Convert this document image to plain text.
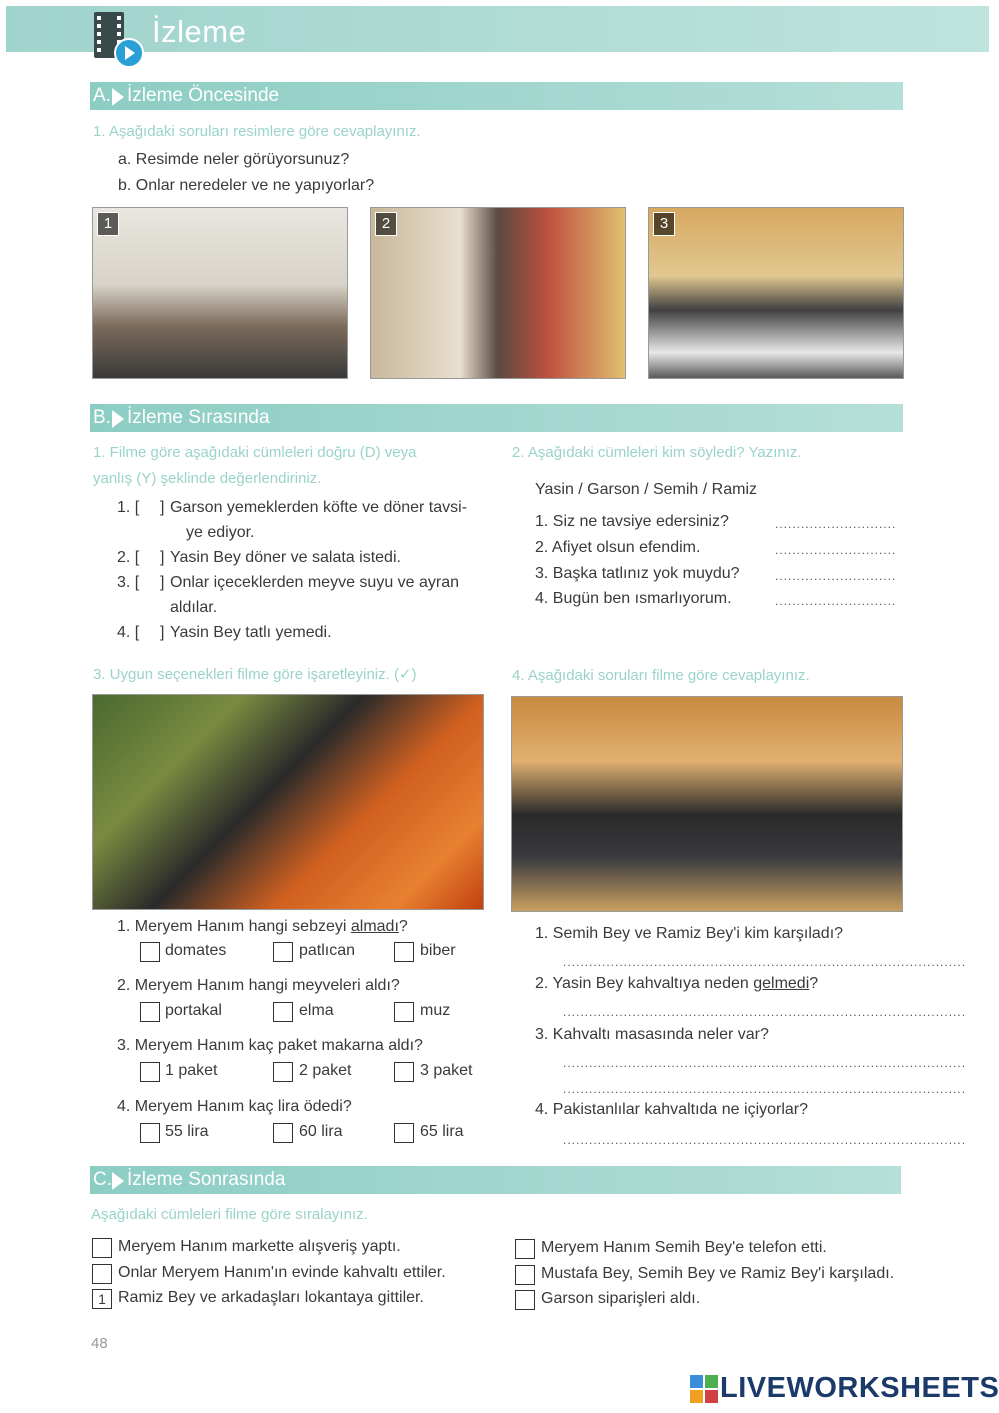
İzleme
A. İzleme Öncesinde
1. Aşağıdaki soruları resimlere göre cevaplayınız.
a. Resimde neler görüyorsunuz?
b. Onlar neredeler ve ne yapıyorlar?
1	2	3
B. İzleme Sırasında
1. Filme göre aşağıdaki cümleleri doğru (D) veya
yanlış (Y) şeklinde değerlendiriniz.
1. [ ] Garson yemeklerden köfte ve döner tavsi-
ye ediyor.
2. [ ] Yasin Bey döner ve salata istedi.
3. [ ] Onlar içeceklerden meyve suyu ve ayran
aldılar.
4. [ ] Yasin Bey tatlı yemedi.
2. Aşağıdaki cümleleri kim söyledi? Yazınız.
Yasin / Garson / Semih / Ramiz
1. Siz ne tavsiye edersiniz?	............................
2. Afiyet olsun efendim.	............................
3. Başka tatlınız yok muydu?	............................
4. Bugün ben ısmarlıyorum.	............................
3. Uygun seçenekleri filme göre işaretleyiniz. (✓)
1. Meryem Hanım hangi sebzeyi almadı?
domates	patlıcan	biber
2. Meryem Hanım hangi meyveleri aldı?
portakal	elma	muz
3. Meryem Hanım kaç paket makarna aldı?
1 paket	2 paket	3 paket
4. Meryem Hanım kaç lira ödedi?
55 lira	60 lira	65 lira
4. Aşağıdaki soruları filme göre cevaplayınız.
1. Semih Bey ve Ramiz Bey'i kim karşıladı?
.............................................................................................
2. Yasin Bey kahvaltıya neden gelmedi?
.............................................................................................
3. Kahvaltı masasında neler var?
.............................................................................................
.............................................................................................
4. Pakistanlılar kahvaltıda ne içiyorlar?
.............................................................................................
C. İzleme Sonrasında
Aşağıdaki cümleleri filme göre sıralayınız.
Meryem Hanım markette alışveriş yaptı.
Onlar Meryem Hanım'ın evinde kahvaltı ettiler.
1 Ramiz Bey ve arkadaşları lokantaya gittiler.
Meryem Hanım Semih Bey'e telefon etti.
Mustafa Bey, Semih Bey ve Ramiz Bey'i karşıladı.
Garson siparişleri aldı.
48
LIVEWORKSHEETS
